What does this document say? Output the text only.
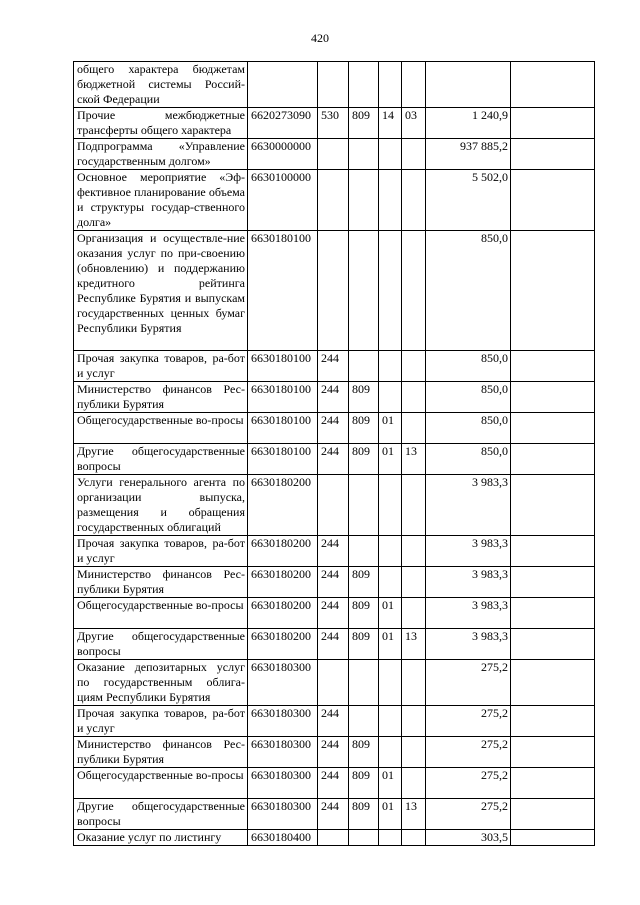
420
общего характера бюджетам бюджетной системы Россий-ской Федерации							
Прочие межбюджетные трансферты общего характера	6620273090	530	809	14	03	1 240,9	
Подпрограмма «Управление государственным долгом»	6630000000					937 885,2	
Основное мероприятие «Эф-фективное планирование объема и структуры государ-ственного долга»	6630100000					5 502,0	
Организация и осуществле-ние оказания услуг по при-своению (обновлению) и поддержанию кредитного рейтинга Республике Бурятия и выпускам государственных ценных бумаг Республики Бурятия	6630180100					850,0	
Прочая закупка товаров, ра-бот и услуг	6630180100	244				850,0	
Министерство финансов Рес-публики Бурятия	6630180100	244	809			850,0	
Общегосударственные во-просы	6630180100	244	809	01		850,0	
Другие общегосударственные вопросы	6630180100	244	809	01	13	850,0	
Услуги генерального агента по организации выпуска, размещения и обращения государственных облигаций	6630180200					3 983,3	
Прочая закупка товаров, ра-бот и услуг	6630180200	244				3 983,3	
Министерство финансов Рес-публики Бурятия	6630180200	244	809			3 983,3	
Общегосударственные во-просы	6630180200	244	809	01		3 983,3	
Другие общегосударственные вопросы	6630180200	244	809	01	13	3 983,3	
Оказание депозитарных услуг по государственным облига-циям Республики Бурятия	6630180300					275,2	
Прочая закупка товаров, ра-бот и услуг	6630180300	244				275,2	
Министерство финансов Рес-публики Бурятия	6630180300	244	809			275,2	
Общегосударственные во-просы	6630180300	244	809	01		275,2	
Другие общегосударственные вопросы	6630180300	244	809	01	13	275,2	
Оказание услуг по листингу	6630180400					303,5	
